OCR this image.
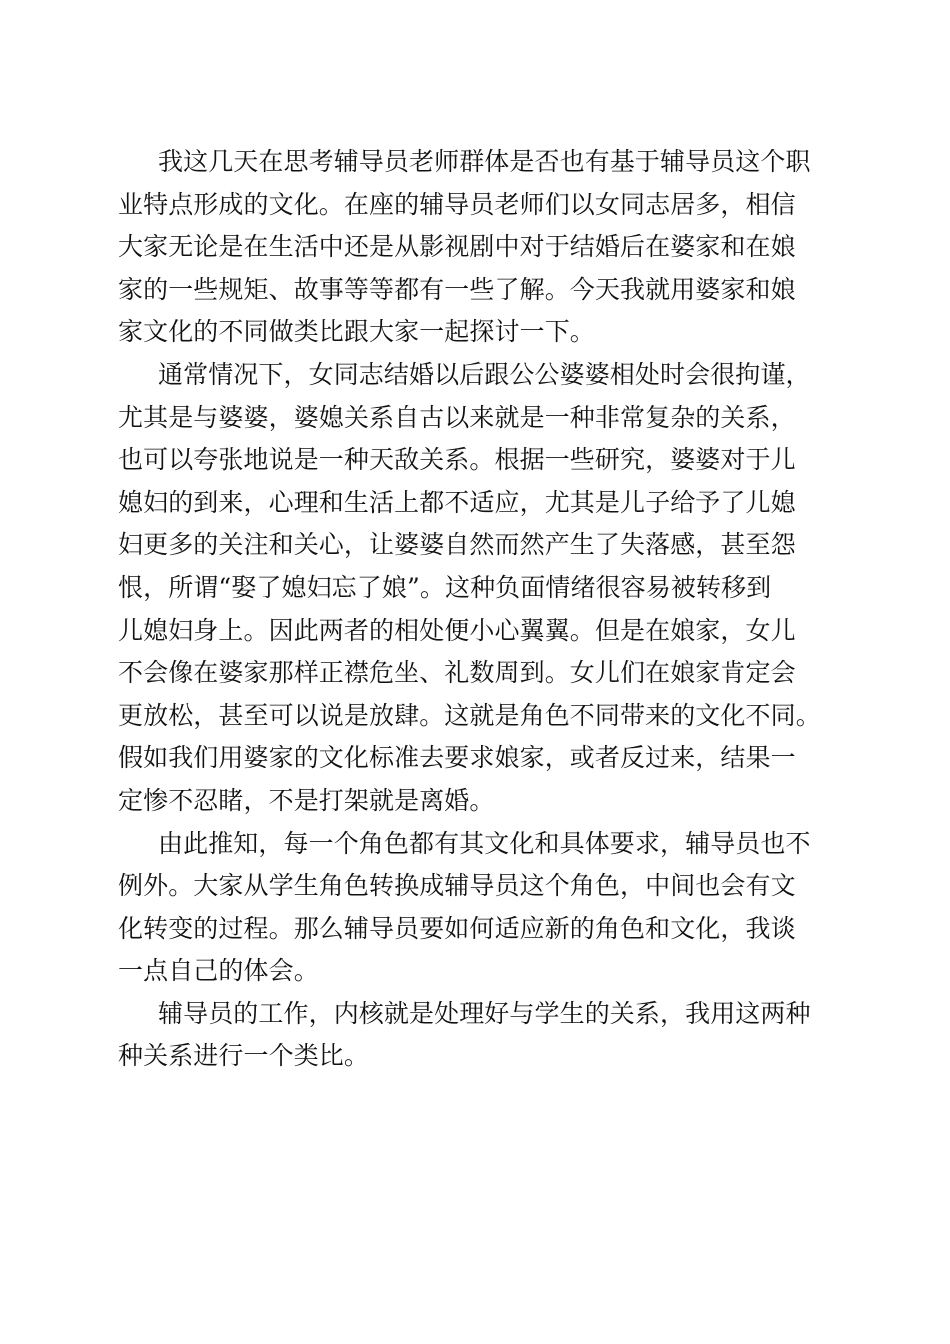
我这几天在思考辅导员老师群体是否也有基于辅导员这个职
业特点形成的文化。在座的辅导员老师们以女同志居多，相信
大家无论是在生活中还是从影视剧中对于结婚后在婆家和在娘
家的一些规矩、故事等等都有一些了解。今天我就用婆家和娘
家文化的不同做类比跟大家一起探讨一下。
通常情况下，女同志结婚以后跟公公婆婆相处时会很拘谨，
尤其是与婆婆，婆媳关系自古以来就是一种非常复杂的关系，
也可以夸张地说是一种天敌关系。根据一些研究，婆婆对于儿
媳妇的到来，心理和生活上都不适应，尤其是儿子给予了儿媳
妇更多的关注和关心，让婆婆自然而然产生了失落感，甚至怨
恨，所谓“娶了媳妇忘了娘”。这种负面情绪很容易被转移到
儿媳妇身上。因此两者的相处便小心翼翼。但是在娘家，女儿
不会像在婆家那样正襟危坐、礼数周到。女儿们在娘家肯定会
更放松，甚至可以说是放肆。这就是角色不同带来的文化不同。
假如我们用婆家的文化标准去要求娘家，或者反过来，结果一
定惨不忍睹，不是打架就是离婚。
由此推知，每一个角色都有其文化和具体要求，辅导员也不
例外。大家从学生角色转换成辅导员这个角色，中间也会有文
化转变的过程。那么辅导员要如何适应新的角色和文化，我谈
一点自己的体会。
辅导员的工作，内核就是处理好与学生的关系，我用这两种
种关系进行一个类比。
